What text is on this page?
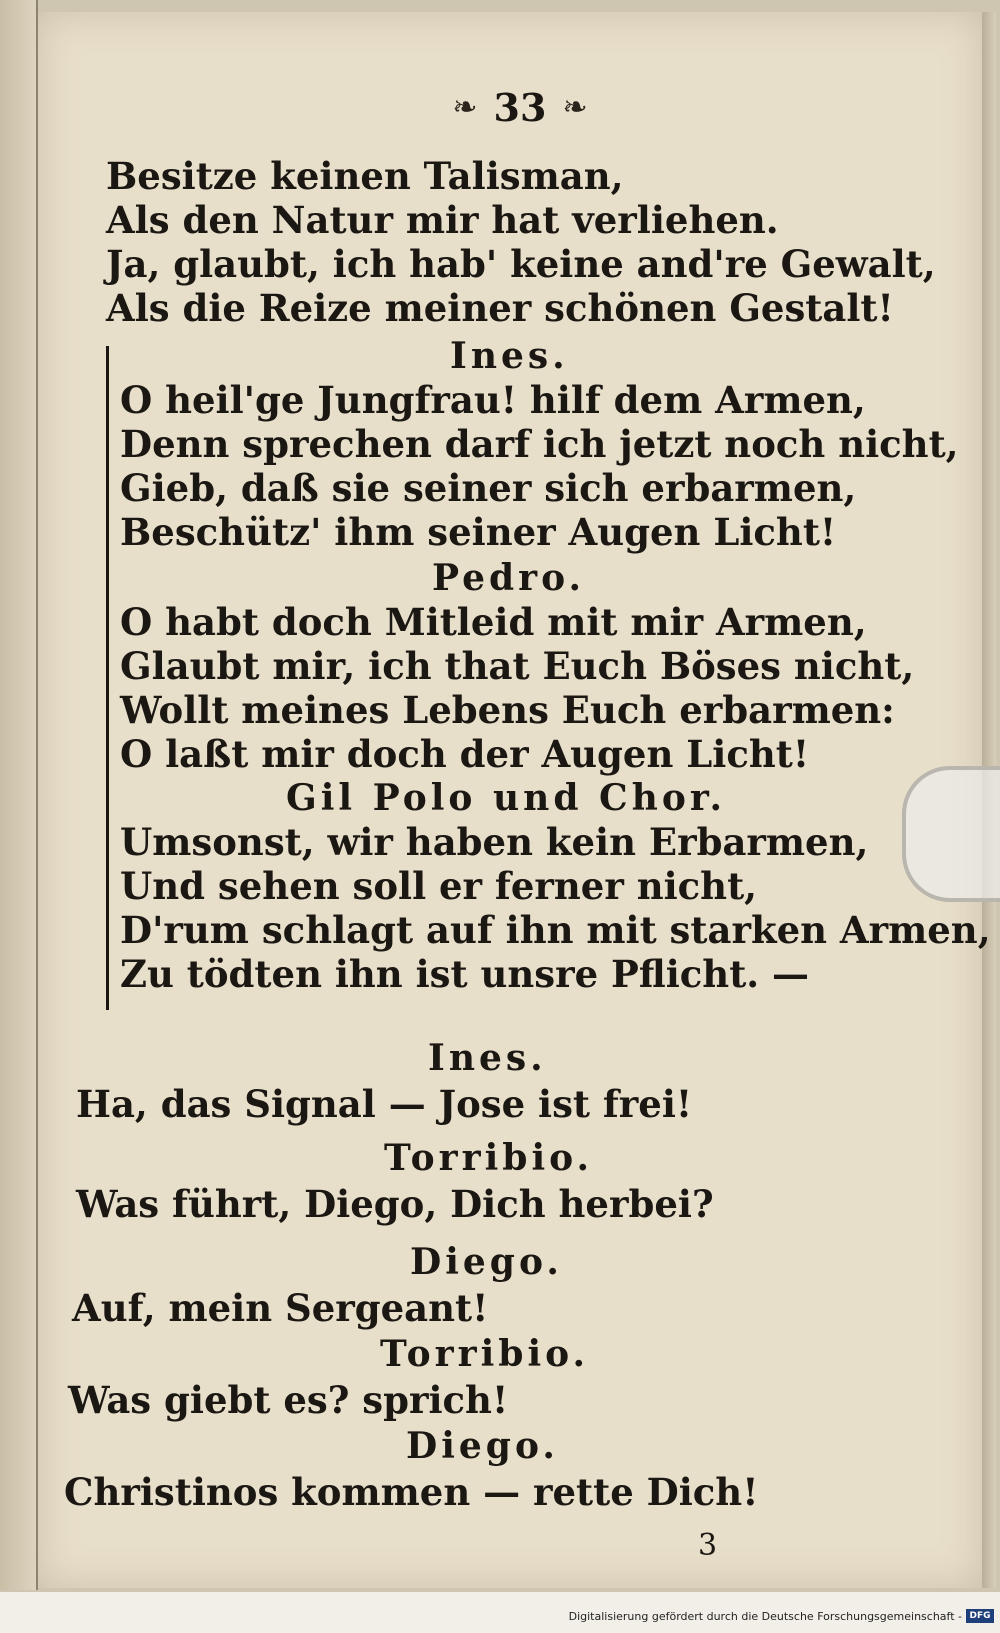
❧ 33 ❧
Besitze keinen Talisman,
Als den Natur mir hat verliehen.
Ja, glaubt, ich hab' keine and're Gewalt,
Als die Reize meiner schönen Gestalt!
Ines.
O heil'ge Jungfrau! hilf dem Armen,
Denn sprechen darf ich jetzt noch nicht,
Gieb, daß sie seiner sich erbarmen,
Beschütz' ihm seiner Augen Licht!
Pedro.
O habt doch Mitleid mit mir Armen,
Glaubt mir, ich that Euch Böses nicht,
Wollt meines Lebens Euch erbarmen:
O laßt mir doch der Augen Licht!
Gil Polo und Chor.
Umsonst, wir haben kein Erbarmen,
Und sehen soll er ferner nicht,
D'rum schlagt auf ihn mit starken Armen,
Zu tödten ihn ist unsre Pflicht. —
Ines.
Ha, das Signal — Jose ist frei!
Torribio.
Was führt, Diego, Dich herbei?
Diego.
Auf, mein Sergeant!
Torribio.
Was giebt es? sprich!
Diego.
Christinos kommen — rette Dich!
3
Digitalisierung gefördert durch die Deutsche Forschungsgemeinschaft - DFG
